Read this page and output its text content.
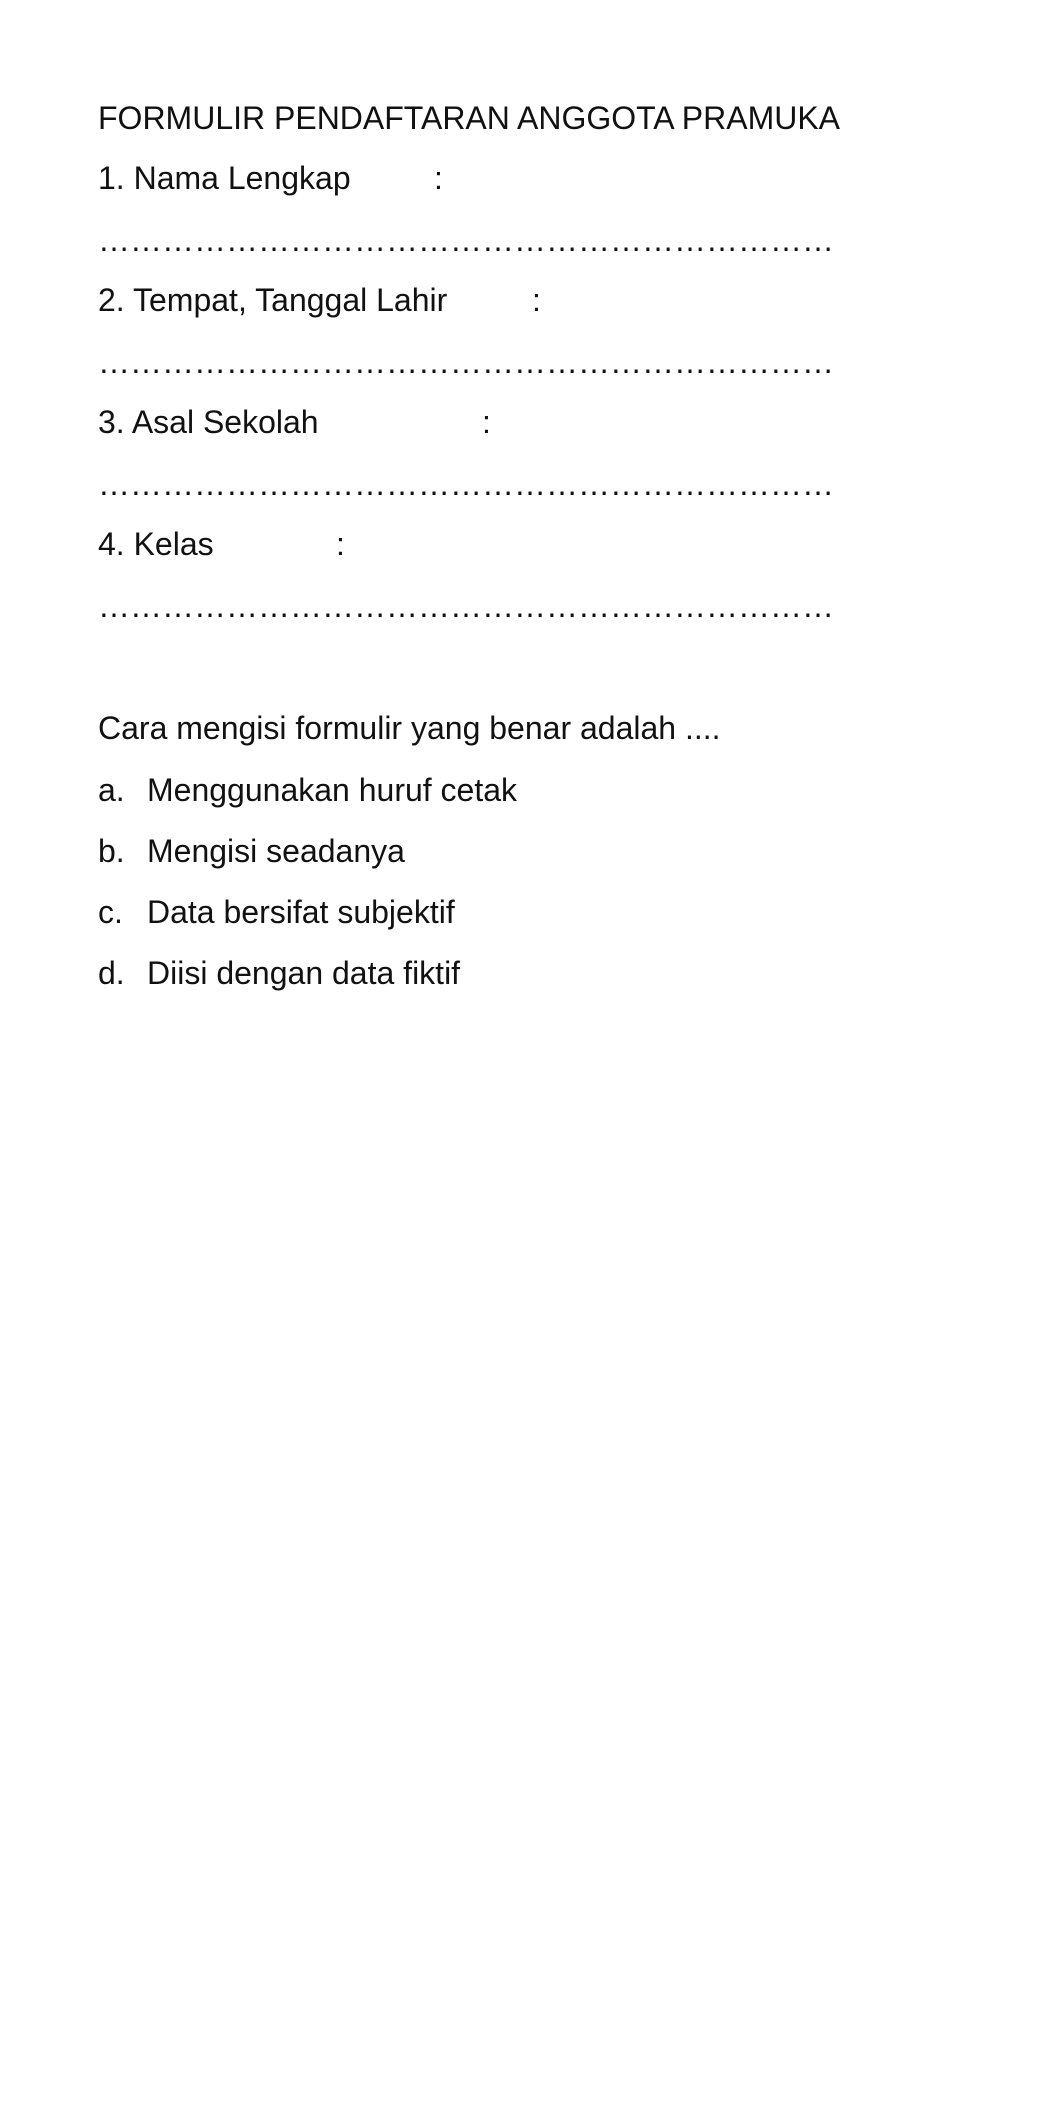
FORMULIR PENDAFTARAN ANGGOTA PRAMUKA
1. Nama Lengkap	:
……………………………………………………………
2. Tempat, Tanggal Lahir	:
……………………………………………………………
3. Asal Sekolah	:
……………………………………………………………
4. Kelas	:
……………………………………………………………
Cara mengisi formulir yang benar adalah ....
a. Menggunakan huruf cetak
b. Mengisi seadanya
c. Data bersifat subjektif
d. Diisi dengan data fiktif
